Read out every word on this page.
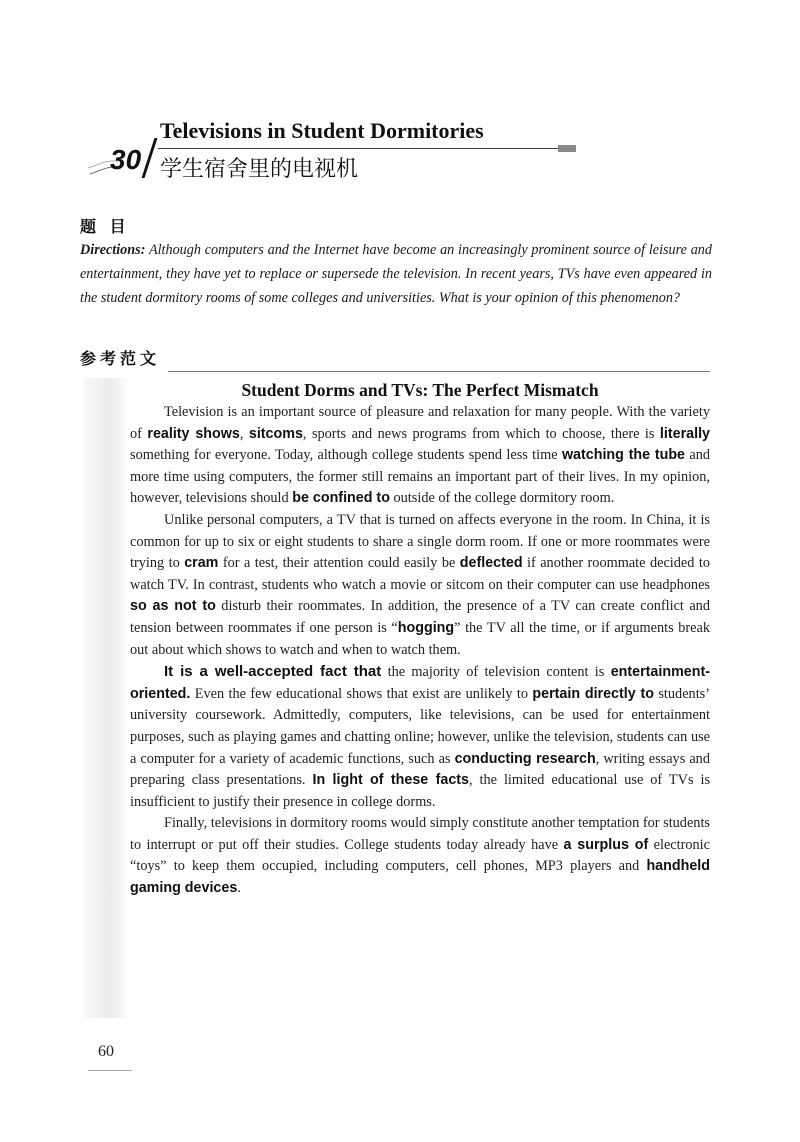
30
Televisions in Student Dormitories
学生宿舍里的电视机
题 目
Directions: Although computers and the Internet have become an increasingly prominent source of leisure and entertainment, they have yet to replace or supersede the television. In recent years, TVs have even appeared in the student dormitory rooms of some colleges and universities. What is your opinion of this phenomenon?
参考范文
Student Dorms and TVs: The Perfect Mismatch

Television is an important source of pleasure and relaxation for many people. With the variety of reality shows, sitcoms, sports and news programs from which to choose, there is literally something for everyone. Today, although college students spend less time watching the tube and more time using computers, the former still remains an important part of their lives. In my opinion, however, televisions should be confined to outside of the college dormitory room.

Unlike personal computers, a TV that is turned on affects everyone in the room. In China, it is common for up to six or eight students to share a single dorm room. If one or more roommates were trying to cram for a test, their attention could easily be deflected if another roommate decided to watch TV. In contrast, students who watch a movie or sitcom on their computer can use headphones so as not to disturb their roommates. In addition, the presence of a TV can create conflict and tension between roommates if one person is “hogging” the TV all the time, or if arguments break out about which shows to watch and when to watch them.

It is a well-accepted fact that the majority of television content is entertainment-oriented. Even the few educational shows that exist are unlikely to pertain directly to students’ university coursework. Admittedly, computers, like televisions, can be used for entertainment purposes, such as playing games and chatting online; however, unlike the television, students can use a computer for a variety of academic functions, such as conducting research, writing essays and preparing class presentations. In light of these facts, the limited educational use of TVs is insufficient to justify their presence in college dorms.

Finally, televisions in dormitory rooms would simply constitute another temptation for students to interrupt or put off their studies. College students today already have a surplus of electronic “toys” to keep them occupied, including computers, cell phones, MP3 players and handheld gaming devices.

60
